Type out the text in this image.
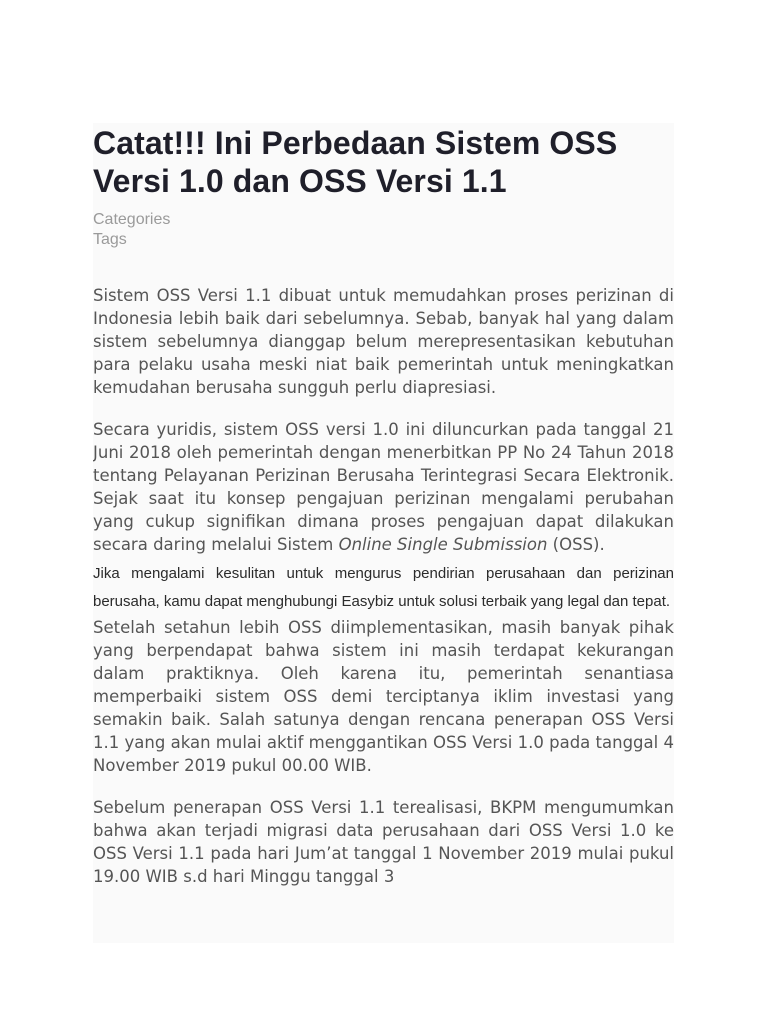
Catat!!! Ini Perbedaan Sistem OSS Versi 1.0 dan OSS Versi 1.1
Categories
Tags

Sistem OSS Versi 1.1 dibuat untuk memudahkan proses perizinan di Indonesia lebih baik dari sebelumnya. Sebab, banyak hal yang dalam sistem sebelumnya dianggap belum merepresentasikan kebutuhan para pelaku usaha meski niat baik pemerintah untuk meningkatkan kemudahan berusaha sungguh perlu diapresiasi.

Secara yuridis, sistem OSS versi 1.0 ini diluncurkan pada tanggal 21 Juni 2018 oleh pemerintah dengan menerbitkan PP No 24 Tahun 2018 tentang Pelayanan Perizinan Berusaha Terintegrasi Secara Elektronik. Sejak saat itu konsep pengajuan perizinan mengalami perubahan yang cukup signifikan dimana proses pengajuan dapat dilakukan secara daring melalui Sistem Online Single Submission (OSS).

Jika mengalami kesulitan untuk mengurus pendirian perusahaan dan perizinan berusaha, kamu dapat menghubungi Easybiz untuk solusi terbaik yang legal dan tepat.

Setelah setahun lebih OSS diimplementasikan, masih banyak pihak yang berpendapat bahwa sistem ini masih terdapat kekurangan dalam praktiknya. Oleh karena itu, pemerintah senantiasa memperbaiki sistem OSS demi terciptanya iklim investasi yang semakin baik. Salah satunya dengan rencana penerapan OSS Versi 1.1 yang akan mulai aktif menggantikan OSS Versi 1.0 pada tanggal 4 November 2019 pukul 00.00 WIB.

Sebelum penerapan OSS Versi 1.1 terealisasi, BKPM mengumumkan bahwa akan terjadi migrasi data perusahaan dari OSS Versi 1.0 ke OSS Versi 1.1 pada hari Jum’at tanggal 1 November 2019 mulai pukul 19.00 WIB s.d hari Minggu tanggal 3
